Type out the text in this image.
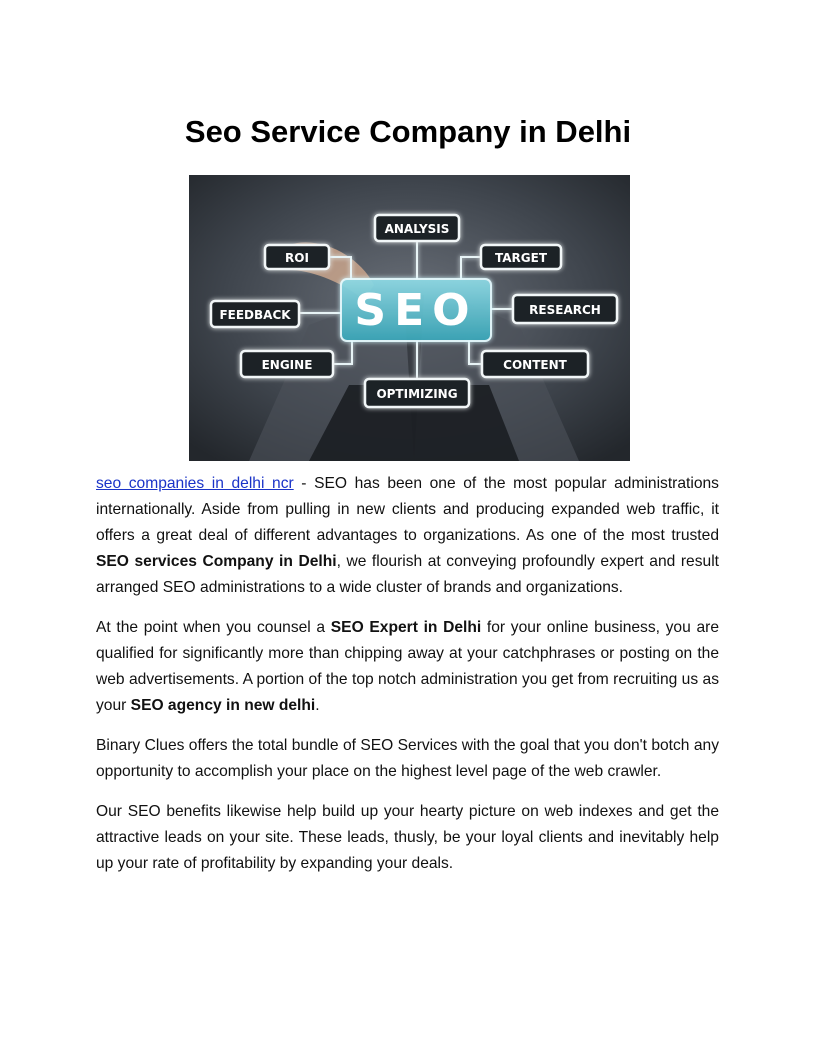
Seo Service Company in Delhi
SEO
ANALYSIS
ROI	TARGET
FEEDBACK	RESEARCH
ENGINE	CONTENT
OPTIMIZING

seo companies in delhi ncr - SEO has been one of the most popular administrations internationally. Aside from pulling in new clients and producing expanded web traffic, it offers a great deal of different advantages to organizations. As one of the most trusted SEO services Company in Delhi, we flourish at conveying profoundly expert and result arranged SEO administrations to a wide cluster of brands and organizations.

At the point when you counsel a SEO Expert in Delhi for your online business, you are qualified for significantly more than chipping away at your catchphrases or posting on the web advertisements. A portion of the top notch administration you get from recruiting us as your SEO agency in new delhi.

Binary Clues offers the total bundle of SEO Services with the goal that you don't botch any opportunity to accomplish your place on the highest level page of the web crawler.

Our SEO benefits likewise help build up your hearty picture on web indexes and get the attractive leads on your site. These leads, thusly, be your loyal clients and inevitably help up your rate of profitability by expanding your deals.
